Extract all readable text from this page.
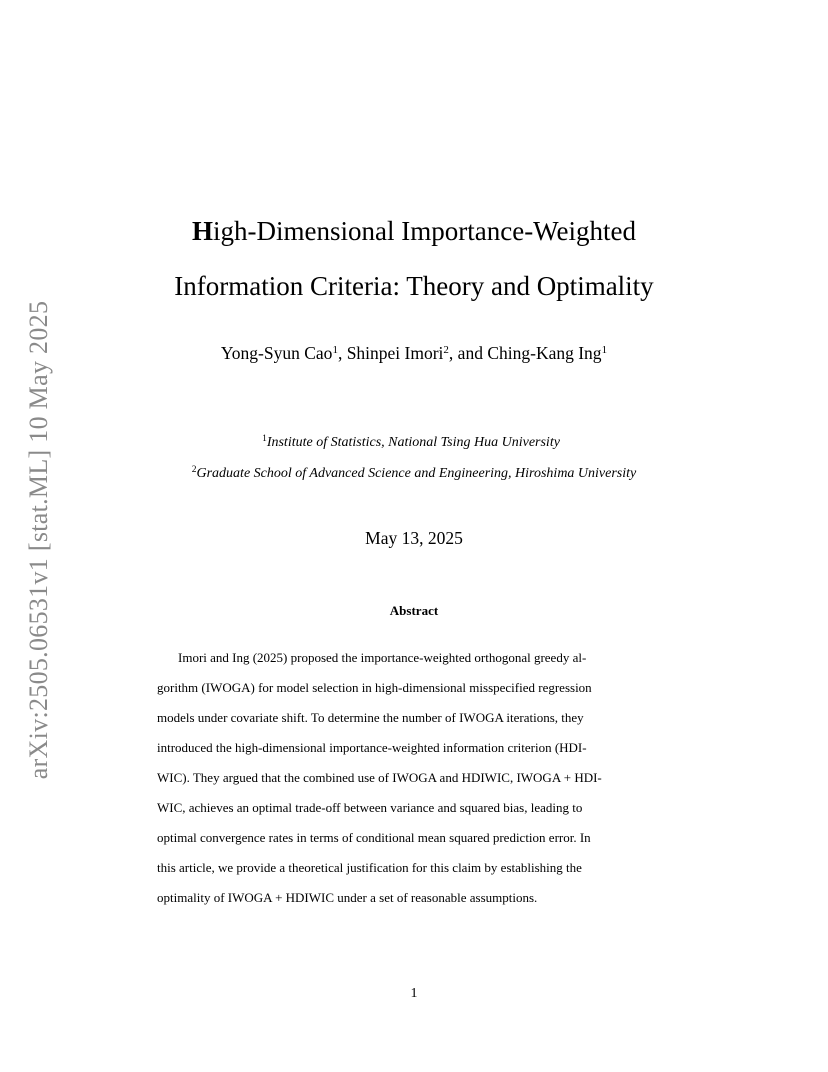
arXiv:2505.06531v1 [stat.ML] 10 May 2025
High-Dimensional Importance-Weighted
Information Criteria: Theory and Optimality
Yong-Syun Cao$^1$, Shinpei Imori$^2$, and Ching-Kang Ing$^1$
$^1$Institute of Statistics, National Tsing Hua University
$^2$Graduate School of Advanced Science and Engineering, Hiroshima University
May 13, 2025
Abstract
Imori and Ing (2025) proposed the importance-weighted orthogonal greedy al-
gorithm (IWOGA) for model selection in high-dimensional misspecified regression
models under covariate shift. To determine the number of IWOGA iterations, they
introduced the high-dimensional importance-weighted information criterion (HDI-
WIC). They argued that the combined use of IWOGA and HDIWIC, IWOGA + HDI-
WIC, achieves an optimal trade-off between variance and squared bias, leading to
optimal convergence rates in terms of conditional mean squared prediction error. In
this article, we provide a theoretical justification for this claim by establishing the
optimality of IWOGA + HDIWIC under a set of reasonable assumptions.
1
